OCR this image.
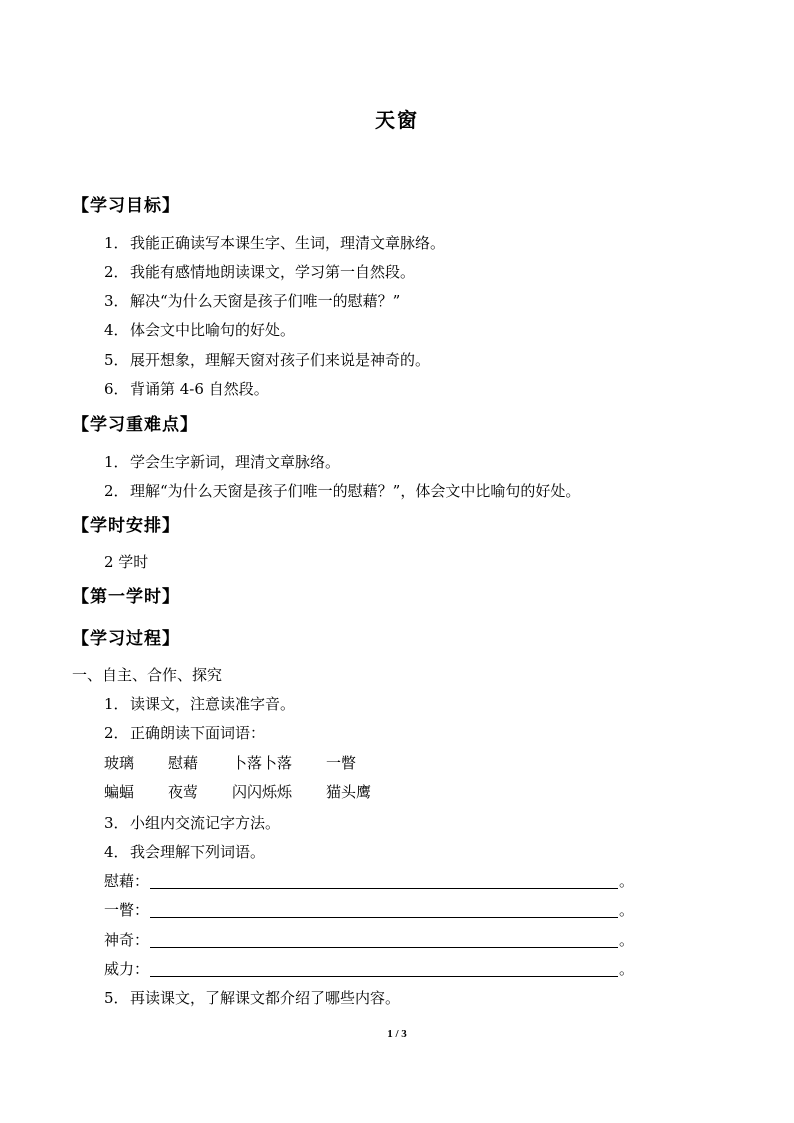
天窗
【学习目标】
1．我能正确读写本课生字、生词，理清文章脉络。
2．我能有感情地朗读课文，学习第一自然段。
3．解决“为什么天窗是孩子们唯一的慰藉？”
4．体会文中比喻句的好处。
5．展开想象，理解天窗对孩子们来说是神奇的。
6．背诵第 4-6 自然段。
【学习重难点】
1．学会生字新词，理清文章脉络。
2．理解“为什么天窗是孩子们唯一的慰藉？”，体会文中比喻句的好处。
【学时安排】
2 学时
【第一学时】
【学习过程】
一、自主、合作、探究
1．读课文，注意读准字音。
2．正确朗读下面词语：
玻璃 慰藉 卜落卜落 一瞥
蝙蝠 夜莺 闪闪烁烁 猫头鹰
3．小组内交流记字方法。
4．我会理解下列词语。
慰藉：	。
一瞥：	。
神奇：	。
威力：	。
5．再读课文，了解课文都介绍了哪些内容。
1 / 3
